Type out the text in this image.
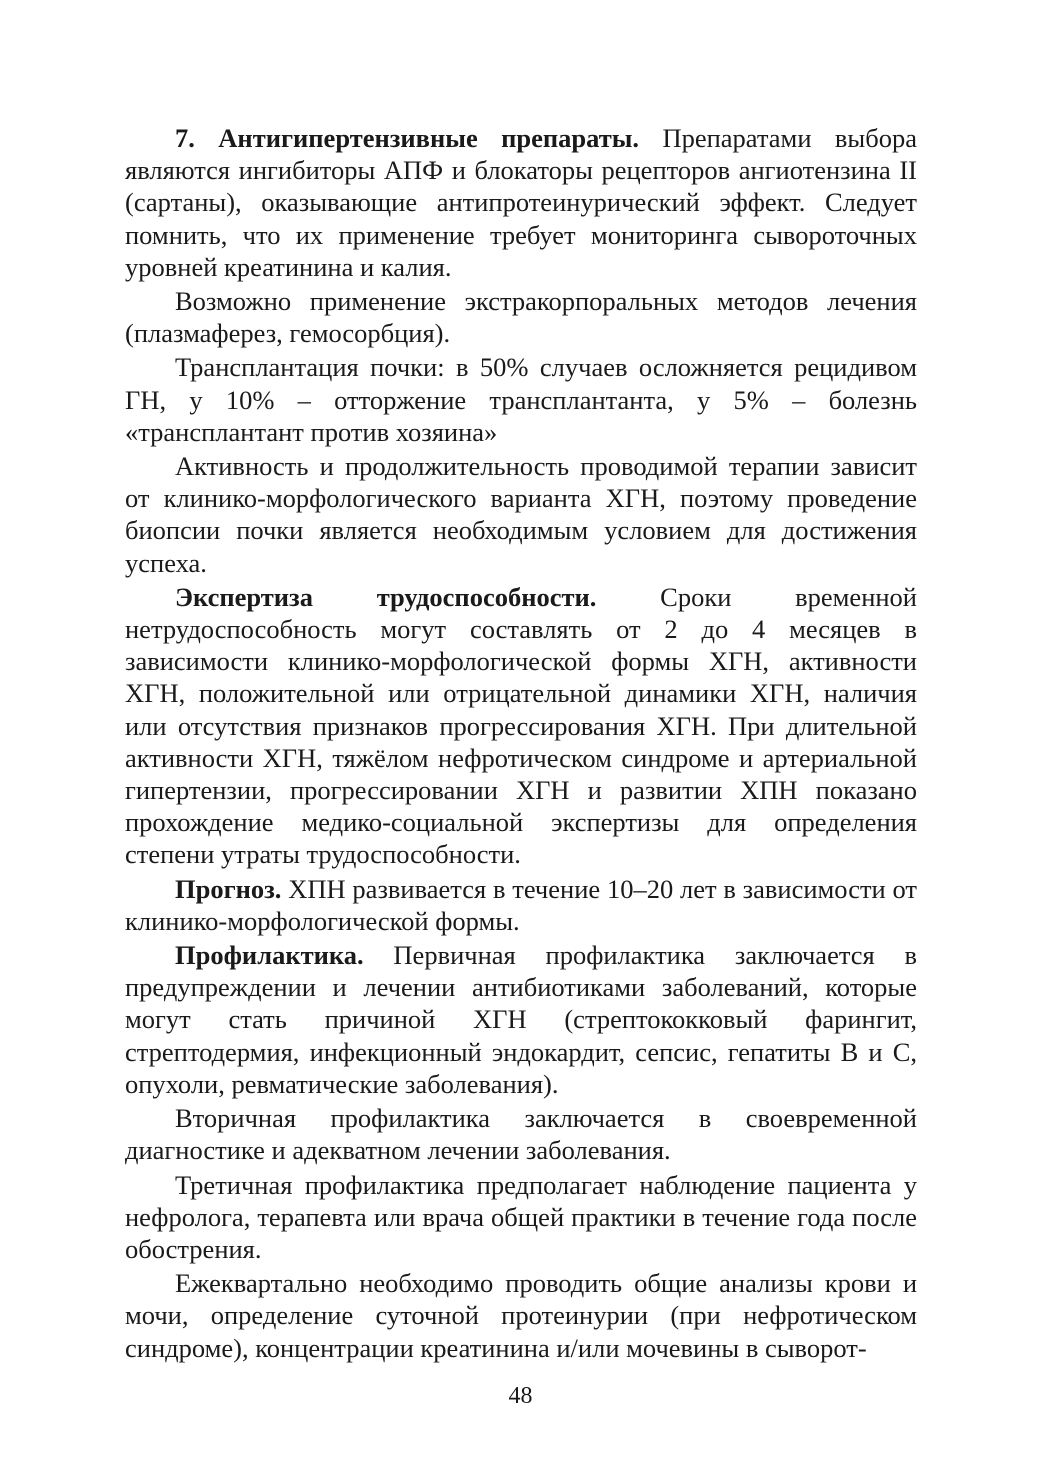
7. Антигипертензивные препараты. Препаратами выбора являются ингибиторы АПФ и блокаторы рецепторов ангиотензина II (сартаны), оказывающие антипротеинурический эффект. Следует помнить, что их применение требует мониторинга сывороточных уровней креатинина и калия.

Возможно применение экстракорпоральных методов лечения (плазмаферез, гемосорбция).

Трансплантация почки: в 50% случаев осложняется рецидивом ГН, у 10% – отторжение трансплантанта, у 5% – болезнь «трансплантант против хозяина»

Активность и продолжительность проводимой терапии зависит от клинико-морфологического варианта ХГН, поэтому проведение биопсии почки является необходимым условием для достижения успеха.

Экспертиза трудоспособности. Сроки временной нетрудоспособность могут составлять от 2 до 4 месяцев в зависимости клинико-морфологической формы ХГН, активности ХГН, положительной или отрицательной динамики ХГН, наличия или отсутствия признаков прогрессирования ХГН. При длительной активности ХГН, тяжёлом нефротическом синдроме и артериальной гипертензии, прогрессировании ХГН и развитии ХПН показано прохождение медико-социальной экспертизы для определения степени утраты трудоспособности.

Прогноз. ХПН развивается в течение 10–20 лет в зависимости от клинико-морфологической формы.

Профилактика. Первичная профилактика заключается в предупреждении и лечении антибиотиками заболеваний, которые могут стать причиной ХГН (стрептококковый фарингит, стрептодермия, инфекционный эндокардит, сепсис, гепатиты В и С, опухоли, ревматические заболевания).

Вторичная профилактика заключается в своевременной диагностике и адекватном лечении заболевания.

Третичная профилактика предполагает наблюдение пациента у нефролога, терапевта или врача общей практики в течение года после обострения.

Ежеквартально необходимо проводить общие анализы крови и мочи, определение суточной протеинурии (при нефротическом синдроме), концентрации креатинина и/или мочевины в сыворот-

48
